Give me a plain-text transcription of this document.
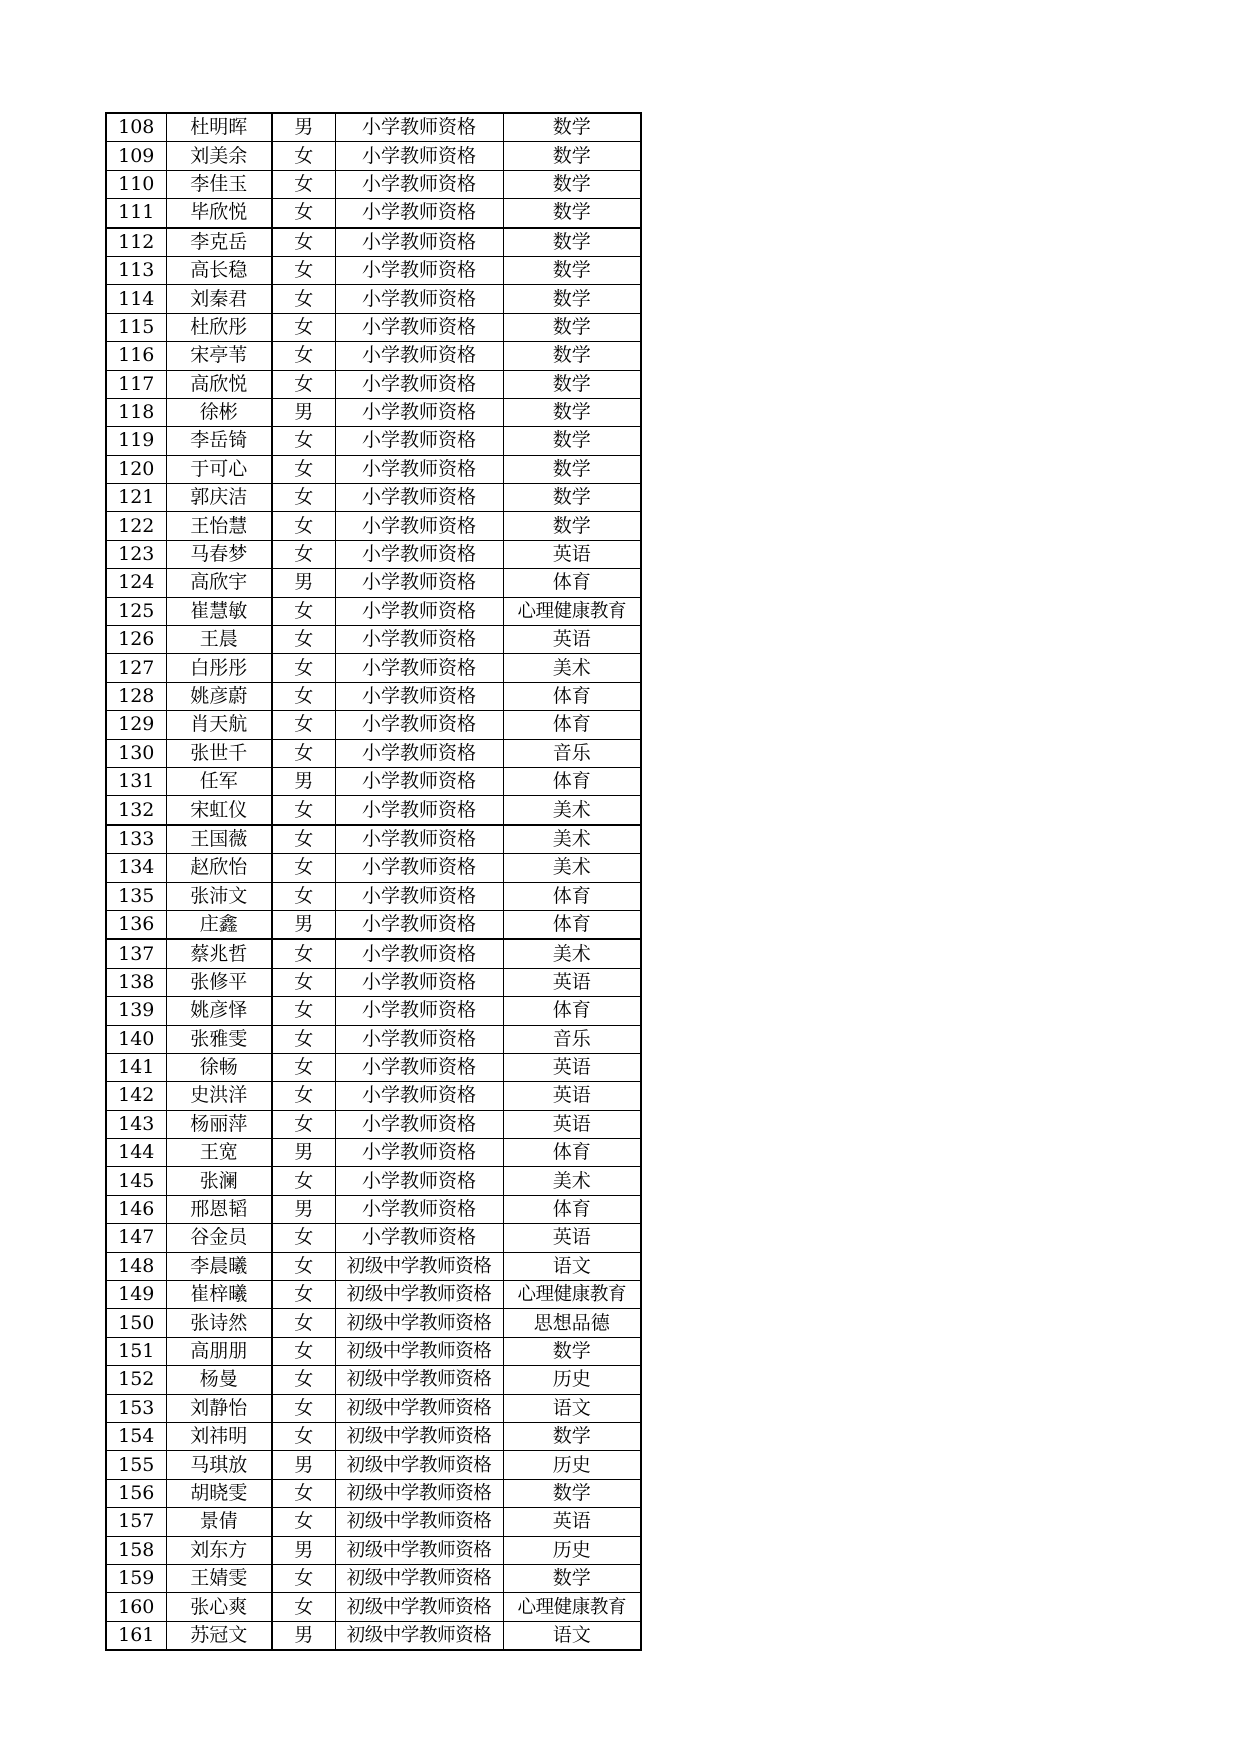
108	杜明晖	男	小学教师资格	数学
109	刘美余	女	小学教师资格	数学
110	李佳玉	女	小学教师资格	数学
111	毕欣悦	女	小学教师资格	数学
112	李克岳	女	小学教师资格	数学
113	高长稳	女	小学教师资格	数学
114	刘秦君	女	小学教师资格	数学
115	杜欣彤	女	小学教师资格	数学
116	宋亭苇	女	小学教师资格	数学
117	高欣悦	女	小学教师资格	数学
118	徐彬	男	小学教师资格	数学
119	李岳锜	女	小学教师资格	数学
120	于可心	女	小学教师资格	数学
121	郭庆洁	女	小学教师资格	数学
122	王怡慧	女	小学教师资格	数学
123	马春梦	女	小学教师资格	英语
124	高欣宇	男	小学教师资格	体育
125	崔慧敏	女	小学教师资格	心理健康教育
126	王晨	女	小学教师资格	英语
127	白彤彤	女	小学教师资格	美术
128	姚彦蔚	女	小学教师资格	体育
129	肖天航	女	小学教师资格	体育
130	张世千	女	小学教师资格	音乐
131	任军	男	小学教师资格	体育
132	宋虹仪	女	小学教师资格	美术
133	王国薇	女	小学教师资格	美术
134	赵欣怡	女	小学教师资格	美术
135	张沛文	女	小学教师资格	体育
136	庄鑫	男	小学教师资格	体育
137	蔡兆哲	女	小学教师资格	美术
138	张修平	女	小学教师资格	英语
139	姚彦怿	女	小学教师资格	体育
140	张雅雯	女	小学教师资格	音乐
141	徐畅	女	小学教师资格	英语
142	史洪洋	女	小学教师资格	英语
143	杨丽萍	女	小学教师资格	英语
144	王宽	男	小学教师资格	体育
145	张澜	女	小学教师资格	美术
146	邢恩韬	男	小学教师资格	体育
147	谷金员	女	小学教师资格	英语
148	李晨曦	女	初级中学教师资格	语文
149	崔梓曦	女	初级中学教师资格	心理健康教育
150	张诗然	女	初级中学教师资格	思想品德
151	高朋朋	女	初级中学教师资格	数学
152	杨曼	女	初级中学教师资格	历史
153	刘静怡	女	初级中学教师资格	语文
154	刘祎明	女	初级中学教师资格	数学
155	马琪放	男	初级中学教师资格	历史
156	胡晓雯	女	初级中学教师资格	数学
157	景倩	女	初级中学教师资格	英语
158	刘东方	男	初级中学教师资格	历史
159	王婧雯	女	初级中学教师资格	数学
160	张心爽	女	初级中学教师资格	心理健康教育
161	苏冠文	男	初级中学教师资格	语文
